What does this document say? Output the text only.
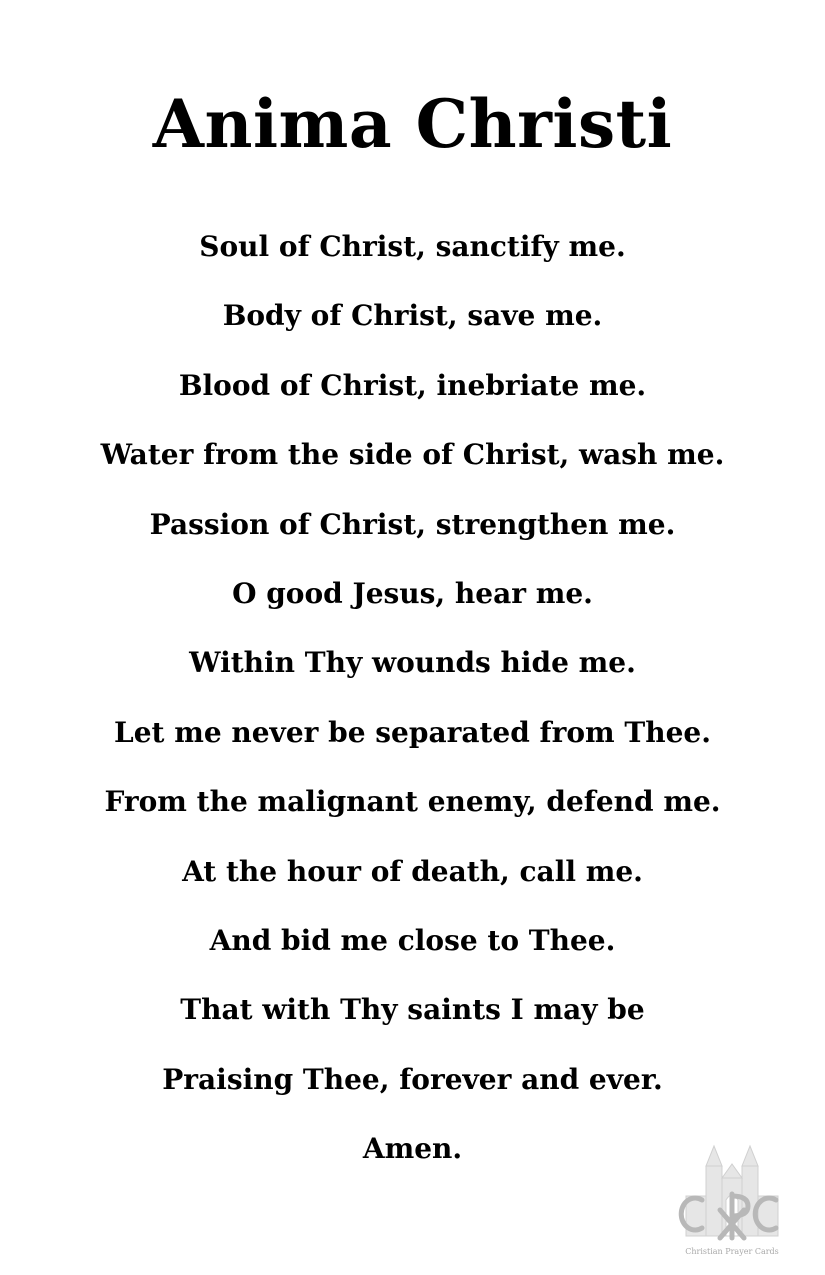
Anima Christi
Soul of Christ, sanctify me.
Body of Christ, save me.
Blood of Christ, inebriate me.
Water from the side of Christ, wash me.
Passion of Christ, strengthen me.
O good Jesus, hear me.
Within Thy wounds hide me.
Let me never be separated from Thee.
From the malignant enemy, defend me.
At the hour of death, call me.
And bid me close to Thee.
That with Thy saints I may be
Praising Thee, forever and ever.
Amen.
Christian Prayer Cards
